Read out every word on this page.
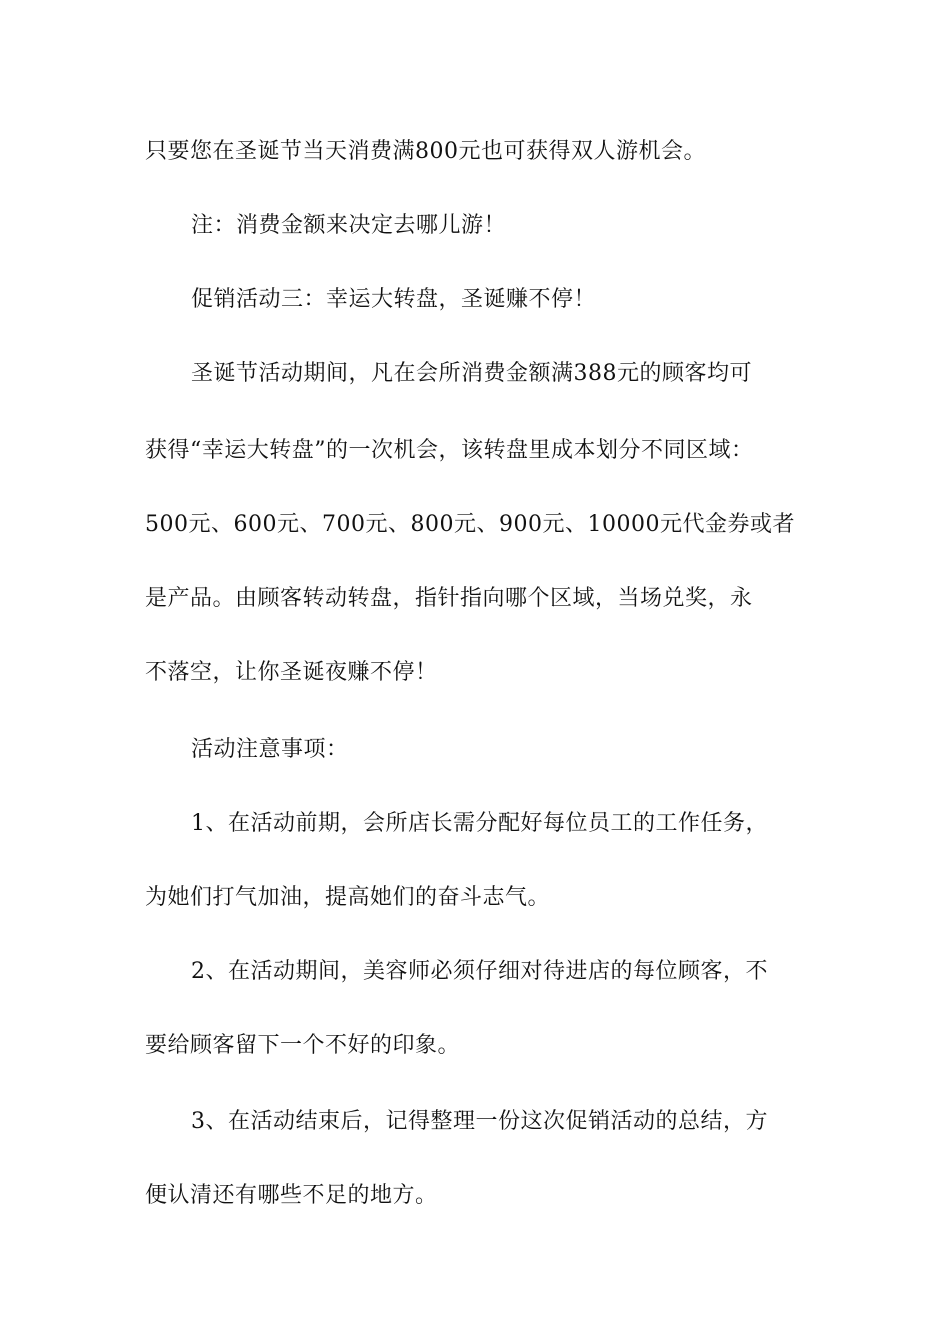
只要您在圣诞节当天消费满800元也可获得双人游机会。
注：消费金额来决定去哪儿游！
促销活动三：幸运大转盘，圣诞赚不停！
圣诞节活动期间，凡在会所消费金额满388元的顾客均可
获得“幸运大转盘”的一次机会，该转盘里成本划分不同区域：
500元、600元、700元、800元、900元、10000元代金券或者
是产品。由顾客转动转盘，指针指向哪个区域，当场兑奖，永
不落空，让你圣诞夜赚不停！
活动注意事项：
1、在活动前期，会所店长需分配好每位员工的工作任务，
为她们打气加油，提高她们的奋斗志气。
2、在活动期间，美容师必须仔细对待进店的每位顾客，不
要给顾客留下一个不好的印象。
3、在活动结束后，记得整理一份这次促销活动的总结，方
便认清还有哪些不足的地方。
